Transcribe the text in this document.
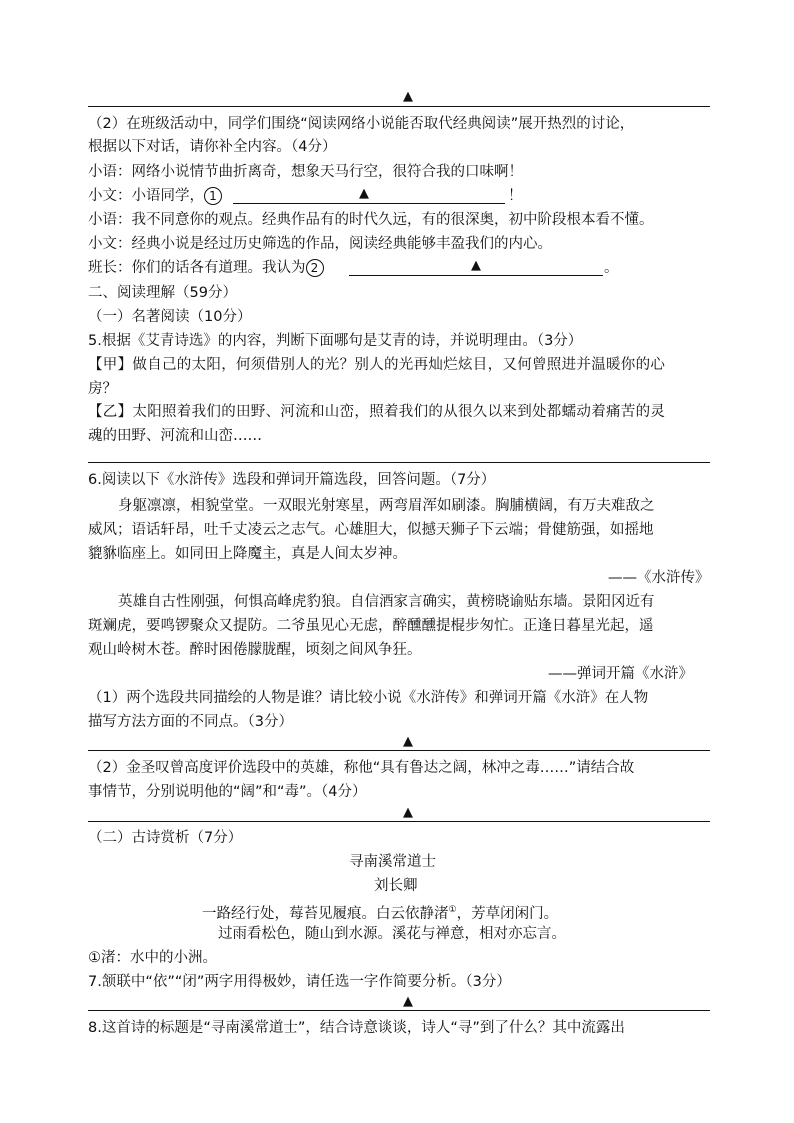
▲
（2）在班级活动中，同学们围绕“阅读网络小说能否取代经典阅读”展开热烈的讨论，
根据以下对话，请你补全内容。（4分）
小语：网络小说情节曲折离奇，想象天马行空，很符合我的口味啊！
小文：小语同学， 1	▲	！
小语：我不同意你的观点。经典作品有的时代久远，有的很深奥，初中阶段根本看不懂。
小文：经典小说是经过历史筛选的作品，阅读经典能够丰盈我们的内心。
班长：你们的话各有道理。我认为 2	▲	。
二、阅读理解（59分）
（一）名著阅读（10分）
5.根据《艾青诗选》的内容，判断下面哪句是艾青的诗，并说明理由。（3分）
【甲】做自己的太阳，何须借别人的光？别人的光再灿烂炫目，又何曾照进并温暖你的心
房？
【乙】太阳照着我们的田野、河流和山峦，照着我们的从很久以来到处都蠕动着痛苦的灵
魂的田野、河流和山峦……
6.阅读以下《水浒传》选段和弹词开篇选段，回答问题。（7分）
身躯凛凛，相貌堂堂。一双眼光射寒星，两弯眉浑如刷漆。胸脯横阔，有万夫难敌之
威风；语话轩昂，吐千丈凌云之志气。心雄胆大，似撼天狮子下云端；骨健筋强，如摇地
貔貅临座上。如同田上降魔主，真是人间太岁神。
——《水浒传》
英雄自古性刚强，何惧高峰虎豹狼。自信酒家言确实，黄榜晓谕贴东墙。景阳冈近有
斑斓虎，要鸣锣聚众又提防。二爷虽见心无虑，醉醺醺提棍步匆忙。正逢日暮星光起，遥
观山岭树木苍。醉时困倦朦胧醒，顷刻之间风争狂。
——弹词开篇《水浒》
（1）两个选段共同描绘的人物是谁？请比较小说《水浒传》和弹词开篇《水浒》在人物
描写方法方面的不同点。（3分）
▲
（2）金圣叹曾高度评价选段中的英雄，称他“具有鲁达之阔，林冲之毒……”请结合故
事情节，分别说明他的“阔”和“毒”。（4分）
▲
（二）古诗赏析（7分）
寻南溪常道士
刘长卿
一路经行处，莓苔见履痕。白云依静渚①，芳草闭闲门。
过雨看松色，随山到水源。溪花与禅意，相对亦忘言。
①渚：水中的小洲。
7.颔联中“依”“闭”两字用得极妙，请任选一字作简要分析。（3分）
▲
8.这首诗的标题是“寻南溪常道士”，结合诗意谈谈，诗人“寻”到了什么？其中流露出
